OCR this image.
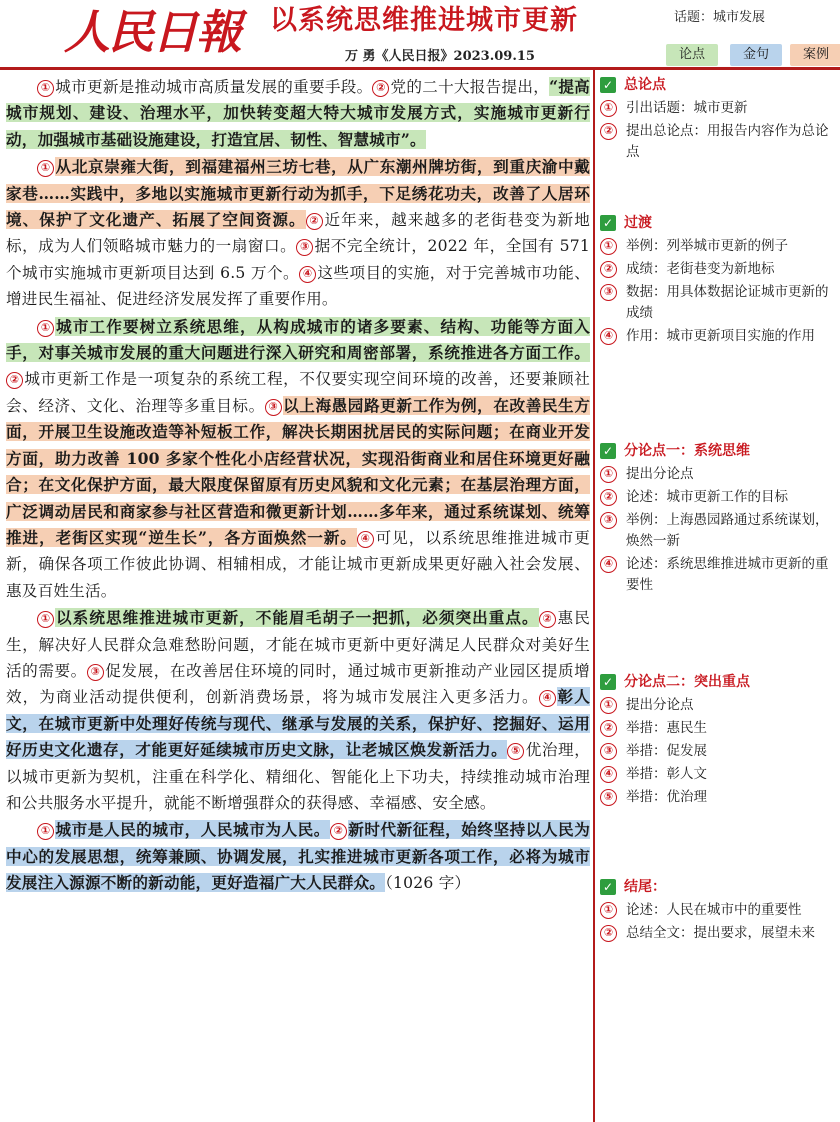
人民日報 以系统思维推进城市更新
万 勇《人民日报》2023.09.15
话题：城市发展
论点	金句	案例

① 城市更新是推动城市高质量发展的重要手段。 ② 党的二十大报告提出，“提高城市规划、建设、治理水平，加快转变超大特大城市发展方式，实施城市更新行动，加强城市基础设施建设，打造宜居、韧性、智慧城市”。

① 从北京崇雍大街，到福建福州三坊七巷，从广东潮州牌坊街，到重庆渝中戴家巷……实践中，多地以实施城市更新行动为抓手，下足绣花功夫，改善了人居环境、保护了文化遗产、拓展了空间资源。 ② 近年来，越来越多的老街巷变为新地标，成为人们领略城市魅力的一扇窗口。 ③ 据不完全统计，2022 年，全国有 571 个城市实施城市更新项目达到 6.5 万个。 ④ 这些项目的实施，对于完善城市功能、增进民生福祉、促进经济发展发挥了重要作用。

① 城市工作要树立系统思维，从构成城市的诸多要素、结构、功能等方面入手，对事关城市发展的重大问题进行深入研究和周密部署，系统推进各方面工作。② 城市更新工作是一项复杂的系统工程，不仅要实现空间环境的改善，还要兼顾社会、经济、文化、治理等多重目标。 ③ 以上海愚园路更新工作为例，在改善民生方面，开展卫生设施改造等补短板工作，解决长期困扰居民的实际问题；在商业开发方面，助力改善 100 多家个性化小店经营状况，实现沿街商业和居住环境更好融合；在文化保护方面，最大限度保留原有历史风貌和文化元素；在基层治理方面，广泛调动居民和商家参与社区营造和微更新计划……多年来，通过系统谋划、统筹推进，老街区实现“逆生长”，各方面焕然一新。 ④ 可见，以系统思维推进城市更新，确保各项工作彼此协调、相辅相成，才能让城市更新成果更好融入社会发展、惠及百姓生活。

① 以系统思维推进城市更新，不能眉毛胡子一把抓，必须突出重点。 ② 惠民生，解决好人民群众急难愁盼问题，才能在城市更新中更好满足人民群众对美好生活的需要。 ③ 促发展，在改善居住环境的同时，通过城市更新推动产业园区提质增效，为商业活动提供便利，创新消费场景，将为城市发展注入更多活力。 ④ 彰人文，在城市更新中处理好传统与现代、继承与发展的关系，保护好、挖掘好、运用好历史文化遗存，才能更好延续城市历史文脉，让老城区焕发新活力。 ⑤ 优治理，以城市更新为契机，注重在科学化、精细化、智能化上下功夫，持续推动城市治理和公共服务水平提升，就能不断增强群众的获得感、幸福感、安全感。

① 城市是人民的城市，人民城市为人民。 ② 新时代新征程，始终坚持以人民为中心的发展思想，统筹兼顾、协调发展，扎实推进城市更新各项工作，必将为城市发展注入源源不断的新动能，更好造福广大人民群众。（1026 字）

✓ 总论点
① 引出话题：城市更新
② 提出总论点：用报告内容作为总论点
✓ 过渡
① 举例：列举城市更新的例子
② 成绩：老街巷变为新地标
③ 数据：用具体数据论证城市更新的成绩
④ 作用：城市更新项目实施的作用
✓ 分论点一：系统思维
① 提出分论点
② 论述：城市更新工作的目标
③ 举例：上海愚园路通过系统谋划，焕然一新
④ 论述：系统思维推进城市更新的重要性
✓ 分论点二：突出重点
① 提出分论点
② 举措：惠民生
③ 举措：促发展
④ 举措：彰人文
⑤ 举措：优治理
✓ 结尾：
① 论述：人民在城市中的重要性
② 总结全文：提出要求，展望未来
